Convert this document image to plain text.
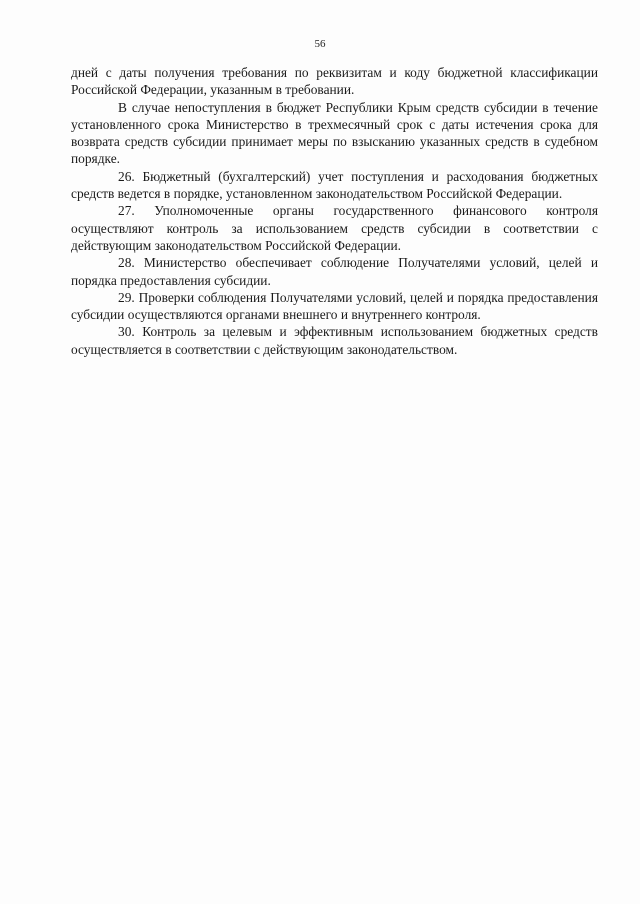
56

дней с даты получения требования по реквизитам и коду бюджетной классификации Российской Федерации, указанным в требовании.

В случае непоступления в бюджет Республики Крым средств субсидии в течение установленного срока Министерство в трехмесячный срок с даты истечения срока для возврата средств субсидии принимает меры по взысканию указанных средств в судебном порядке.

26. Бюджетный (бухгалтерский) учет поступления и расходования бюджетных средств ведется в порядке, установленном законодательством Российской Федерации.

27. Уполномоченные органы государственного финансового контроля осуществляют контроль за использованием средств субсидии в соответствии с действующим законодательством Российской Федерации.

28. Министерство обеспечивает соблюдение Получателями условий, целей и порядка предоставления субсидии.

29. Проверки соблюдения Получателями условий, целей и порядка предоставления субсидии осуществляются органами внешнего и внутреннего контроля.

30. Контроль за целевым и эффективным использованием бюджетных средств осуществляется в соответствии с действующим законодательством.
